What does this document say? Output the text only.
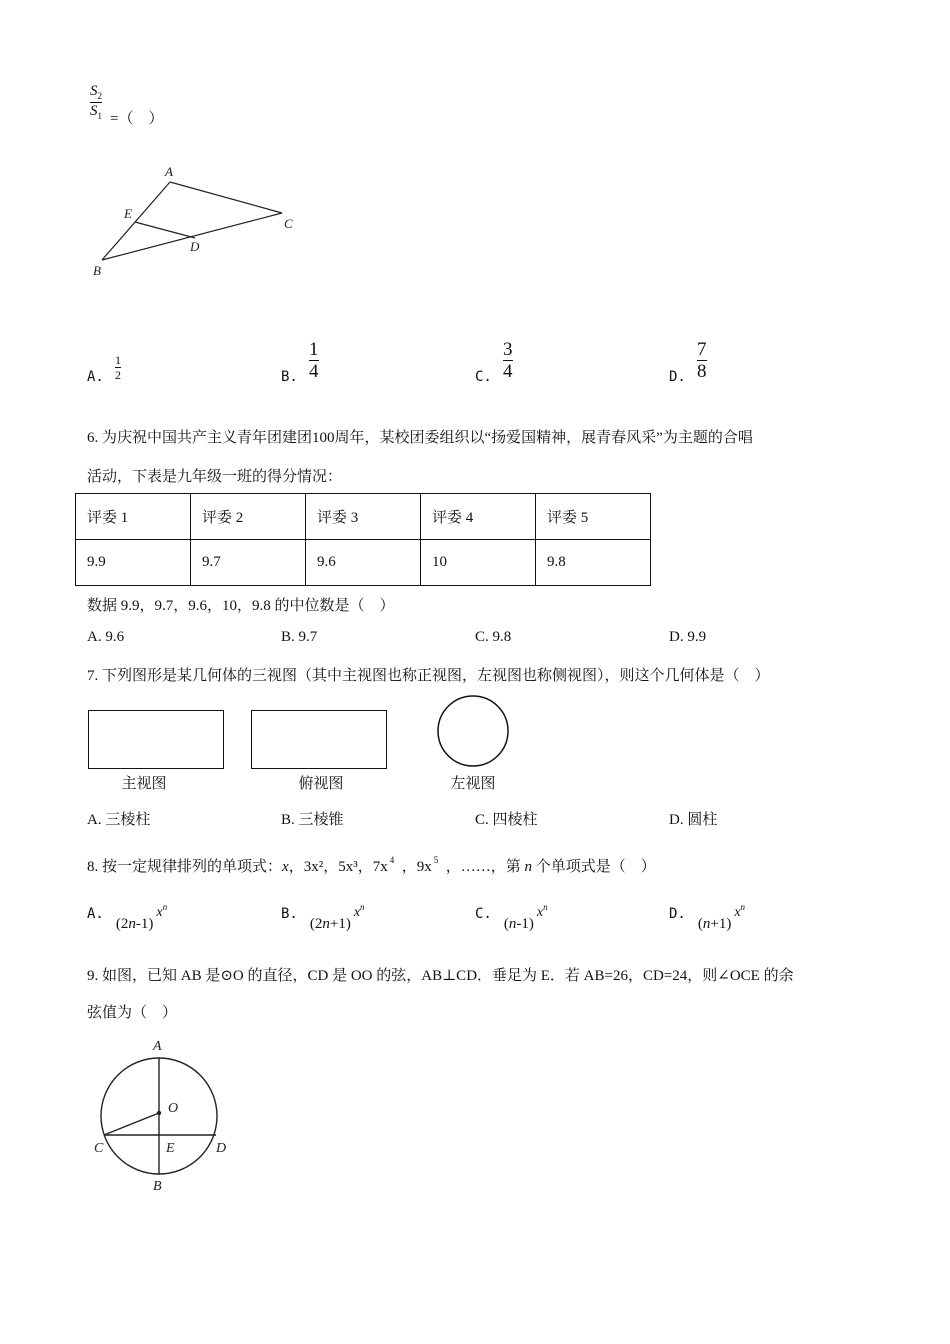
$S_2$
$S_1$ =（　）
A
E
C
D
B
A.
1
2	B.
1
4	C.
3
4	D.
7
8
6. 为庆祝中国共产主义青年团建团100周年，某校团委组织以“扬爱国精神，展青春风采”为主题的合唱
活动，下表是九年级一班的得分情况：
评委 1	评委 2	评委 3	评委 4	评委 5
9.9	9.7	9.6	10	9.8
数据 9.9，9.7，9.6，10，9.8 的中位数是（　）
A. 9.6	B. 9.7	C. 9.8	D. 9.9
7. 下列图形是某几何体的三视图（其中主视图也称正视图，左视图也称侧视图），则这个几何体是（　）
主视图	俯视图	左视图
A. 三棱柱	B. 三棱锥	C. 四棱柱	D. 圆柱
8. 按一定规律排列的单项式：x，3x²，5x³，7x 4 ，9x 5 ，……，第 n 个单项式是（　）
A. $(2n-1)x^n$	B. $(2n+1)x^n$	C. $(n-1)x^n$	D. $(n+1)x^n$
9. 如图，已知 AB 是⊙O 的直径，CD 是 OO 的弦，AB⊥CD．垂足为 E．若 AB=26，CD=24，则∠OCE 的余
弦值为（　）
A
O
C	E	D
B
